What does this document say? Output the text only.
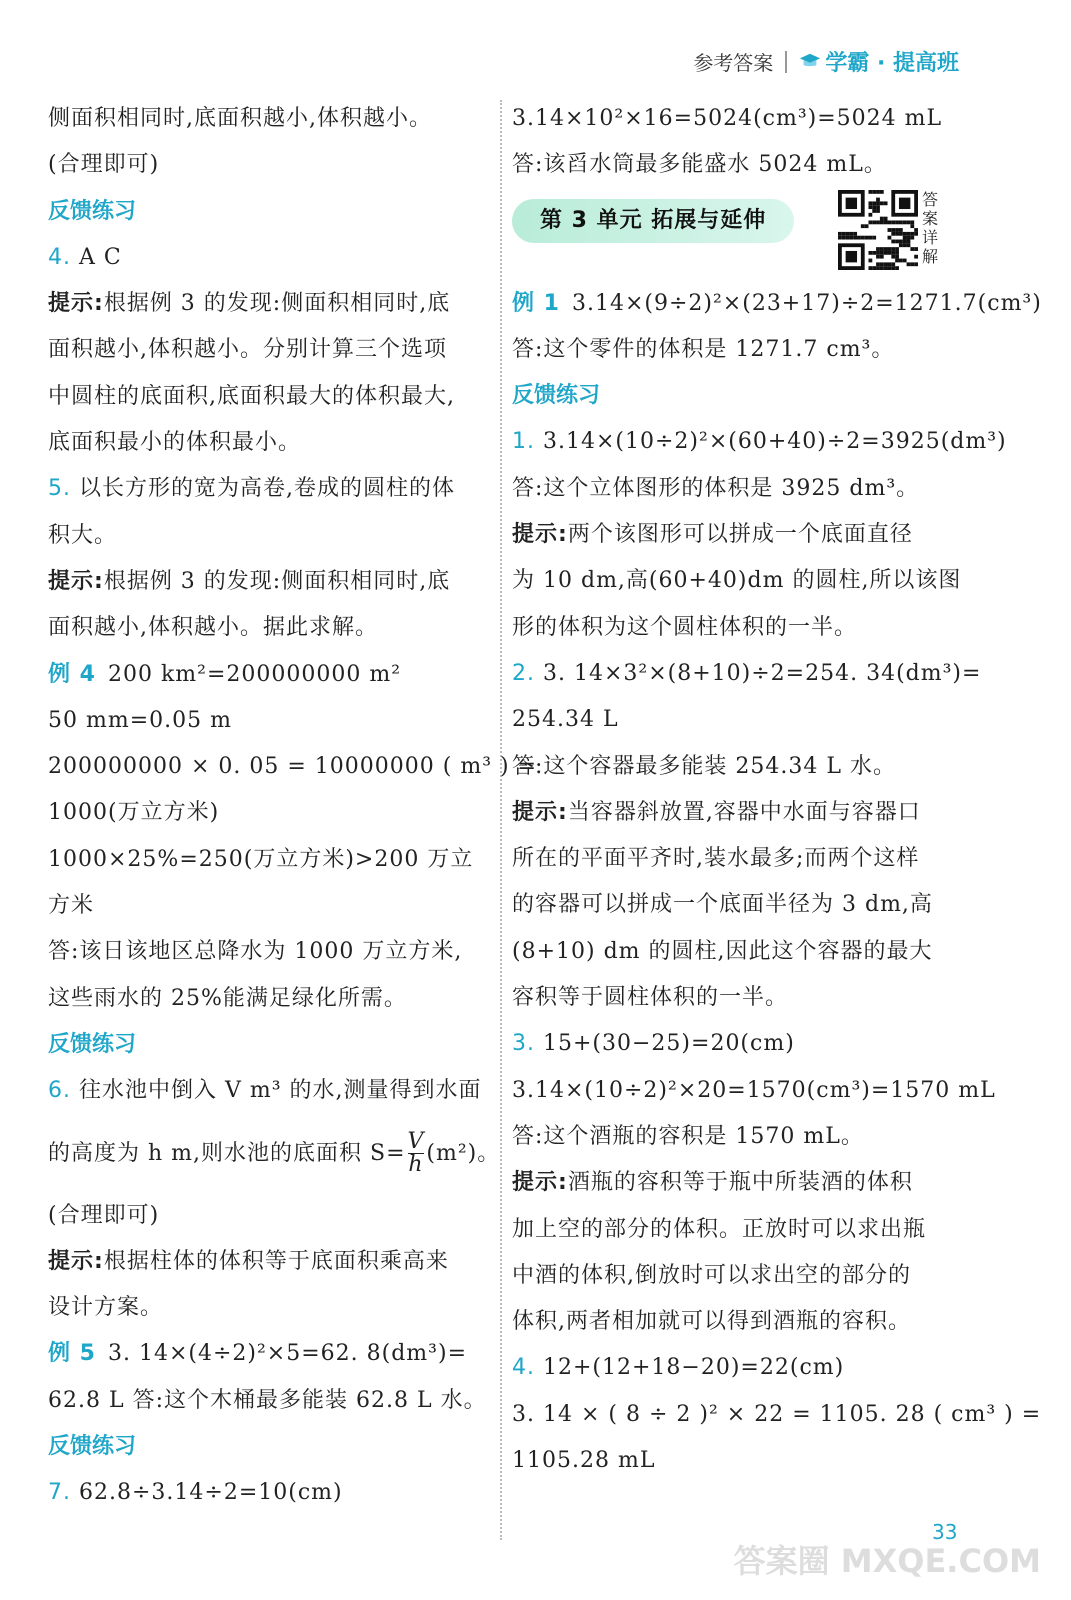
参考答案 学霸 · 提高班
侧面积相同时,底面积越小,体积越小。
(合理即可)
反馈练习
4. A C
提示:根据例 3 的发现:侧面积相同时,底
面积越小,体积越小。分别计算三个选项
中圆柱的底面积,底面积最大的体积最大,
底面积最小的体积最小。
5. 以长方形的宽为高卷,卷成的圆柱的体
积大。
提示:根据例 3 的发现:侧面积相同时,底
面积越小,体积越小。据此求解。
例 4 200 km²=200000000 m²
50 mm=0.05 m
200000000 × 0. 05 = 10000000 ( m³ ) =
1000(万立方米)
1000×25%=250(万立方米)>200 万立
方米
答:该日该地区总降水为 1000 万立方米,
这些雨水的 25%能满足绿化所需。
反馈练习
6. 往水池中倒入 V m³ 的水,测量得到水面
的高度为 h m,则水池的底面积 $S= \frac{V}{h} (m^2)$。
(合理即可)
提示:根据柱体的体积等于底面积乘高来
设计方案。
例 5 3. 14×(4÷2)²×5=62. 8(dm³)=
62.8 L 答:这个木桶最多能装 62.8 L 水。
反馈练习
7. 62.8÷3.14÷2=10(cm)
3.14×10²×16=5024(cm³)=5024 mL
答:该舀水筒最多能盛水 5024 mL。
第 3 单元 拓展与延伸
例 1 3.14×(9÷2)²×(23+17)÷2=1271.7(cm³)
答:这个零件的体积是 1271.7 cm³。
反馈练习
1. 3.14×(10÷2)²×(60+40)÷2=3925(dm³)
答:这个立体图形的体积是 3925 dm³。
提示:两个该图形可以拼成一个底面直径
为 10 dm,高(60+40)dm 的圆柱,所以该图
形的体积为这个圆柱体积的一半。
2. 3. 14×3²×(8+10)÷2=254. 34(dm³)=
254.34 L
答:这个容器最多能装 254.34 L 水。
提示:当容器斜放置,容器中水面与容器口
所在的平面平齐时,装水最多;而两个这样
的容器可以拼成一个底面半径为 3 dm,高
(8+10) dm 的圆柱,因此这个容器的最大
容积等于圆柱体积的一半。
3. 15+(30−25)=20(cm)
3.14×(10÷2)²×20=1570(cm³)=1570 mL
答:这个酒瓶的容积是 1570 mL。
提示:酒瓶的容积等于瓶中所装酒的体积
加上空的部分的体积。正放时可以求出瓶
中酒的体积,倒放时可以求出空的部分的
体积,两者相加就可以得到酒瓶的容积。
4. 12+(12+18−20)=22(cm)
3. 14 × ( 8 ÷ 2 )² × 22 = 1105. 28 ( cm³ ) =
1105.28 mL
答案详解
33
答案圈 MXQE.COM
